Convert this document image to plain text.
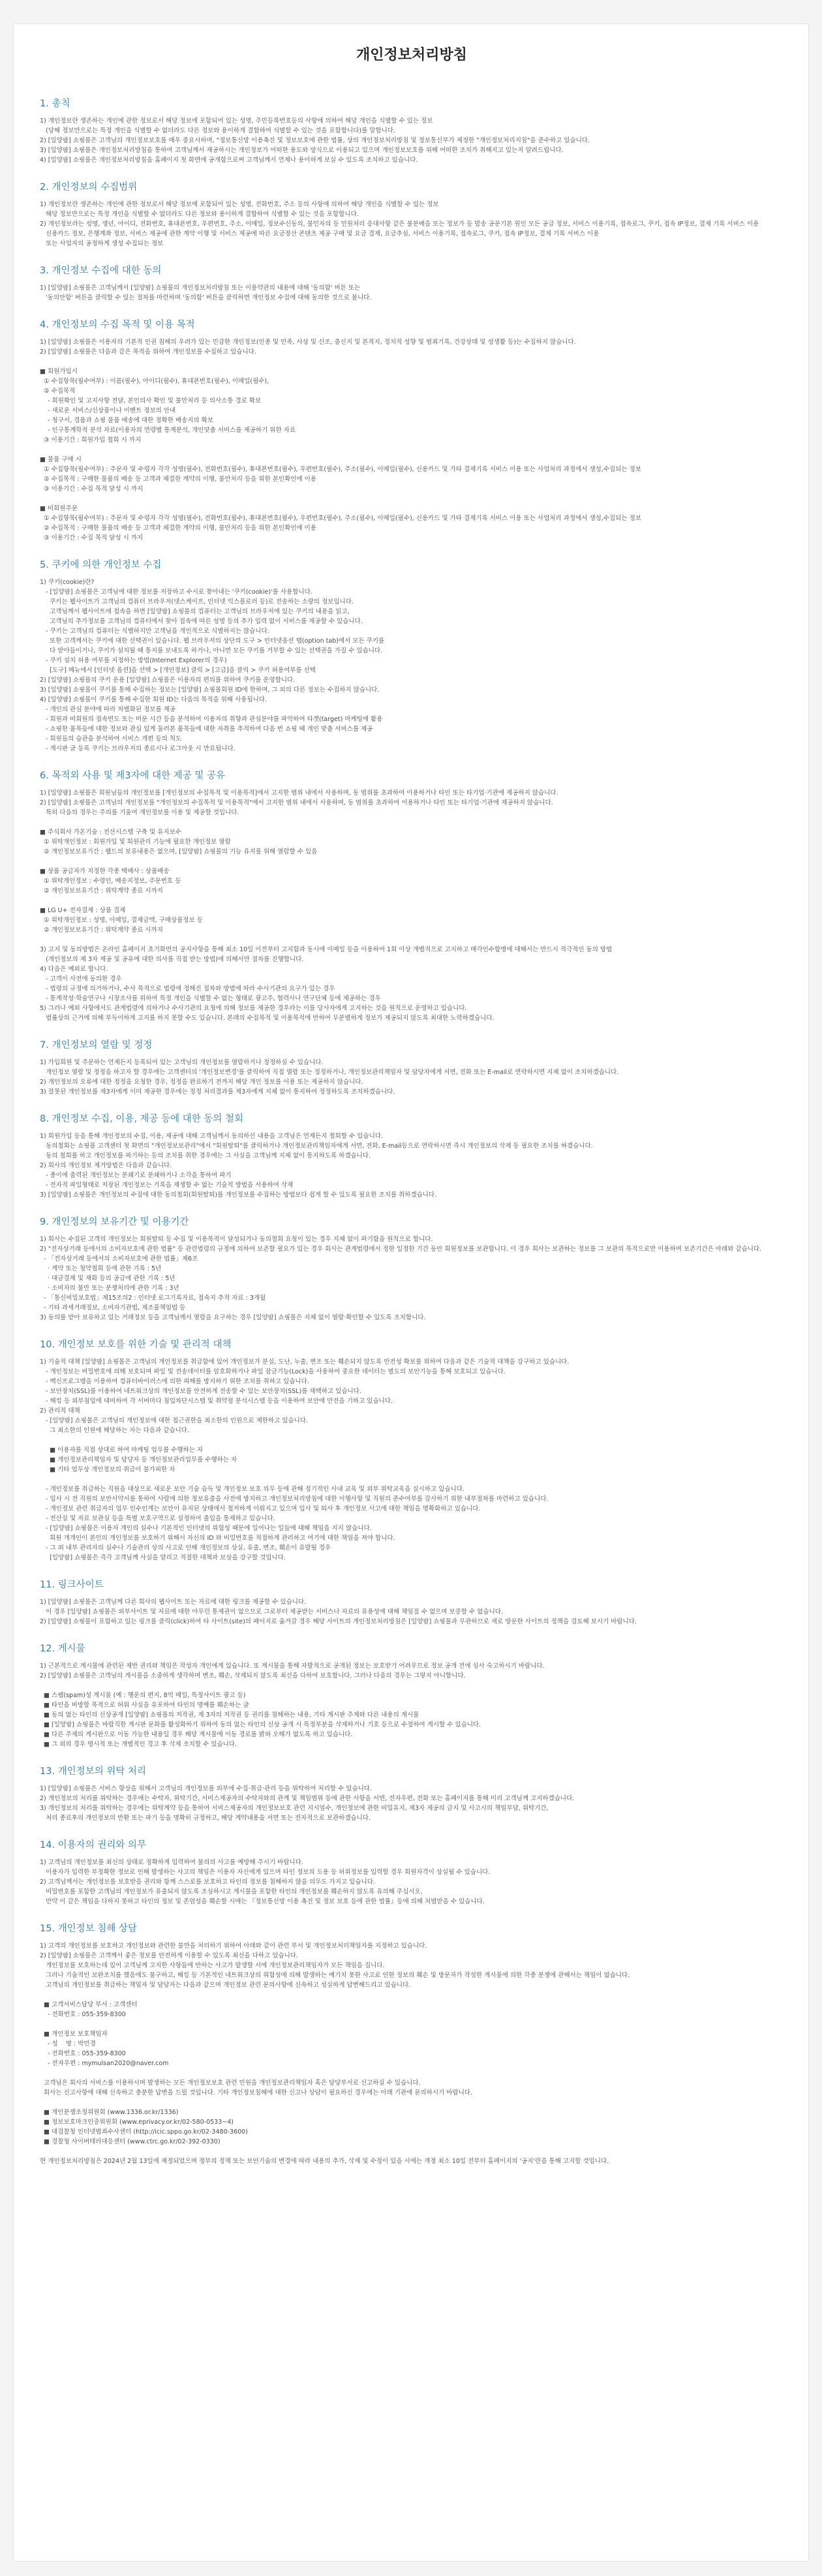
개인정보처리방침
1. 총칙

1) 개인정보란 생존하는 개인에 관한 정보로서 해당 정보에 포함되어 있는 성명, 주민등록번호등의 사항에 의하여 해당 개인을 식별할 수 있는 정보
(당해 정보만으로는 특정 개인을 식별할 수 없더라도 다른 정보와 용이하게 결합하여 식별할 수 있는 것을 포함합니다)를 말합니다.
2) [일양팜] 쇼핑몰은 고객님의 개인정보보호를 매우 중요시하며, "정보통신망 이용촉진 및 정보보호에 관한 법률, 상의 개인정보처리방침 및 정보통신부가 제정한 "개인정보처리지침"을 준수하고 있습니다.
3) [일양팜] 쇼핑몰은 개인정보처리방침을 통하여 고객님께서 제공하시는 개인정보가 어떠한 용도와 방식으로 이용되고 있으며 개인정보보호를 위해 어떠한 조치가 취해지고 있는지 알려드립니다.
4) [일양팜] 쇼핑몰은 개인정보처리방침을 홈페이지 첫 화면에 공개함으로써 고객님께서 언제나 용이하게 보실 수 있도록 조치하고 있습니다.

2. 개인정보의 수집범위

1) 개인정보란 생존하는 개인에 관한 정보로서 해당 정보에 포함되어 있는 성명, 전화번호, 주소 등의 사항에 의하여 해당 개인을 식별할 수 있는 정보
해당 정보만으로는 특정 개인을 식별할 수 없더라도 다른 정보와 용이하게 결합하여 식별할 수 있는 것을 포함합니다.
2) 개인정보라는 성명, 생년, 아이디, 전화번호, 휴대폰번호, 우편번호, 주소, 이메일, 정보수신동의, 불민자의 등 민원처리 응대사항 같은 불분배을 또는 정보가 등 발송 공문기본 원인 모든 공급 정보, 서비스 이용기록, 접속로그, 쿠키, 접속 IP정보, 결제 기록 서비스 이용
신용카드 정보, 은행계좌 정보, 서비스 제공에 관한 계약 이행 및 서비스 제공에 따른 요금정산 콘텐츠 제공 구매 및 요금 결제, 요금추심, 서비스 이용기록, 접속로그, 쿠키, 접속 IP정보, 결제 기록 서비스 이용
또는 사업자의 공정하게 생성 수집되는 정보

3. 개인정보 수집에 대한 동의

1) [일양팜] 쇼핑몰은 고객님께서 [일양팜] 쇼핑몰의 개인정보처리방침 또는 이용약관의 내용에 대해 '동의함' 버튼 또는
'동의안함' 버튼을 클릭할 수 있는 절차를 마련하며 '동의함' 버튼을 클릭하면 개인정보 수집에 대해 동의한 것으로 봅니다.

4. 개인정보의 수집 목적 및 이용 목적

1) [일양팜] 쇼핑몰은 이용자의 기본적 인권 침해의 우려가 있는 민감한 개인정보(인종 및 민족, 사상 및 신조, 출신지 및 본적지, 정치적 성향 및 범죄기록, 건강상태 및 성생활 등)는 수집하지 않습니다.
2) [일양팜] 쇼핑몰은 다음과 같은 목적을 위하여 개인정보를 수집하고 있습니다.

■ 회원가입시
① 수집항목(필수여부) : 이름(필수), 아이디(필수), 휴대폰번호(필수), 이메일(필수),
② 수집목적
- 회원확인 및 고지사항 전달, 본인의사 확인 및 불만처리 등 의사소통 경로 확보
- 새로운 서비스/신상품이나 이벤트 정보의 안내
- 청구서, 경품과 쇼핑 물품 배송에 대한 정확한 배송지의 확보
- 인구통계학적 분석 자료(이용자의 연령별 통계분석, 개인맞춤 서비스를 제공하기 위한 자료
③ 이용기간 : 회원가입 철회 시 까지

■ 물품 구매 시
① 수집항목(필수여부) : 주문자 및 수령자 각각 성명(필수), 전화번호(필수), 휴대폰번호(필수), 우편번호(필수), 주소(필수), 이메일(필수), 신용카드 및 가타 결제기록 서비스 이용 또는 사업처리 과정에서 생성,수집되는 정보
② 수집목적 : 구매한 물품의 배송 등 고객과 체결한 계약의 이행, 불만처리 등을 위한 본인확인에 이용
③ 이용기간 : 수집 목적 달성 시 까지

■ 비회원주문
① 수집항목(필수여부) : 주문자 및 수령자 각각 성명(필수), 전화번호(필수), 휴대폰번호(필수), 우편번호(필수), 주소(필수), 이메일(필수), 신용카드 및 가타 결제기록 서비스 이용 또는 사업처리 과정에서 생성,수집되는 정보
② 수집목적 : 구매한 물품의 배송 등 고객과 체결한 계약의 이행, 불만처리 등을 위한 본인확인에 이용
③ 이용기간 : 수집 목적 달성 시 까지

5. 쿠키에 의한 개인정보 수집

1) 쿠키(cookie)란?
- [일양팜] 쇼핑몰은 고객님에 대한 정보를 저장하고 수시로 찾아내는 '쿠키(cookie)'를 사용합니다.
쿠키는 웹사이트가 고객님의 컴퓨터 브라우저(넷스케이프, 인터넷 익스플로러 등)로 전송하는 소량의 정보입니다.
고객님께서 웹사이트에 접속을 하면 [일양팜] 쇼핑몰의 컴퓨터는 고객님의 브라우저에 있는 쿠키의 내용을 읽고,
고객님의 추가정보를 고객님의 컴퓨터에서 찾아 접속에 따른 성명 등의 추가 입력 없이 서비스를 제공할 수 있습니다.
- 쿠키는 고객님의 컴퓨터는 식별하지만 고객님을 개인적으로 식별하지는 않습니다.
또한 고객께서는 쿠키에 대한 선택권이 있습니다. 웹 브라우저의 상단의 도구 > 인터넷옵션 탭(option tab)에서 모든 쿠키를
다 받아들이거나, 쿠키가 설치될 때 통지를 보내도록 하거나, 아니면 모든 쿠키를 거부할 수 있는 선택권을 가질 수 있습니다.
- 쿠키 설치 허용 여부를 지정하는 방법(Internet Explorer의 경우)
[도구] 메뉴에서 [인터넷 옵션]을 선택 > [개인정보] 클릭 > [고급]을 클릭 > 쿠키 허용여부를 선택
2) [일양팜] 쇼핑몰의 쿠키 운용 [일양팜] 쇼핑몰은 이용자의 편의를 위하여 쿠키를 운영합니다.
3) [일양팜] 쇼핑몰이 쿠키를 통해 수집하는 정보는 [일양팜] 쇼핑몰회원 ID에 한하며, 그 외의 다른 정보는 수집하지 않습니다.
4) [일양팜] 쇼핑몰이 쿠키를 통해 수집한 회원 ID는 다음의 목적을 위해 사용됩니다.
- 개인의 관심 분야에 따라 차별화된 정보를 제공
- 회원과 비회원의 접속빈도 또는 머문 시간 등을 분석하여 이용자의 취향과 관심분야를 파악하여 타겟(target) 마케팅에 활용
- 쇼핑한 품목들에 대한 정보와 관심 있게 둘러본 품목들에 대한 자취를 추적하여 다음 번 쇼핑 때 개인 맞춤 서비스를 제공
- 회원들의 습관을 분석하여 서비스 개편 등의 척도
- 게시판 글 등록 쿠키는 브라우저의 종료시나 로그아웃 시 만료됩니다.

6. 목적외 사용 및 제3자에 대한 제공 및 공유

1) [일양팜] 쇼핑몰은 회원님들의 개인정보를 [개인정보의 수집목적 및 이용목적]에서 고지한 범위 내에서 사용하며, 동 범위를 초과하여 이용하거나 타인 또는 타기업·기관에 제공하지 않습니다.
2) [일양팜] 쇼핑몰은 고객님의 개인정보를 "개인정보의 수집목적 및 이용목적"에서 고지한 범위 내에서 사용하며, 동 범위를 초과하여 이용하거나 타인 또는 타기업·기관에 제공하지 않습니다.
특히 다음의 경우는 주의를 기울여 개인정보를 이용 및 제공할 것입니다.

■ 주식회사 가온기술 : 전산시스템 구축 및 유지보수
① 위탁개인정보 : 회원가입 및 회원관리 기능에 필요한 개인정보 열람
② 개인정보보유기간 : 웹드의 보유내용은 없으며, [일양팜] 쇼핑몰의 기능 유지를 위해 열람할 수 있음

■ 상품 공급자가 지정한 각종 택배사 : 상품배송
① 위탁개인정보 : 수령인, 배송지정보, 주문번호 등
② 개인정보보유기간 : 위탁계약 종료 시까지

■ LG U+ 전자결제 : 상품 결제
① 위탁개인정보 : 성명, 이메일, 결제금액, 구매상품정보 등
② 개인정보보유기간 : 위탁계약 종료 시까지

3) 고지 및 동의방법은 온라인 홈페이지 초기화면의 공지사항을 통해 최소 10일 이전부터 고지함과 동시에 이메일 등을 이용하여 1회 이상 개별적으로 고지하고 매각인수합병에 대해서는 반드시 적극적인 동의 방법
(개인정보의 제 3자 제공 및 공유에 대한 의사를 직접 받는 방법)에 의해서만 절차를 진행합니다.
4) 다음은 예외로 합니다.
- 고객이 사전에 동의한 경우
- 법령의 규정에 의거하거나, 수사 목적으로 법령에 정해진 절차와 방법에 따라 수사기관의 요구가 있는 경우
- 통계작성·학술연구나 시장조사를 위하여 특정 개인을 식별할 수 없는 형태로 광고주, 협력사나 연구단체 등에 제공하는 경우
5) 그러나 예외 사항에서도 관계법령에 의하거나 수사기관의 요청에 의해 정보를 제공한 경우라는 이를 당사자에게 고지하는 것을 원칙으로 운영하고 있습니다.
법률상의 근거에 의해 부득이하게 고지를 하지 못할 수도 있습니다. 본래의 수집목적 및 이용목적에 반하여 무분별하게 정보가 제공되지 않도록 최대한 노력하겠습니다.

7. 개인정보의 열람 및 정정

1) 가입회원 및 주문하는 언제든지 등록되어 있는 고객님의 개인정보를 열람하거나 정정하실 수 있습니다.
개인정보 열람 및 정정을 하고자 할 경우에는 고객센터의 '개인정보변경'를 클릭하여 직접 열람 또는 정정하거나, 개인정보관리책임자 및 담당자에게 서면, 전화 또는 E-mail로 연락하시면 지체 없이 조치하겠습니다.
2) 개인정보의 오류에 대한 정정을 요청한 경우, 정정을 완료하기 전까지 해당 개인 정보를 이용 또는 제공하지 않습니다.
3) 잘못된 개인정보를 제3자에게 이미 제공한 경우에는 정정 처리결과를 제3자에게 지체 없이 통지하여 정정하도록 조치하겠습니다.

8. 개인정보 수집, 이용, 제공 등에 대한 동의 철회

1) 회원가입 등을 통해 개인정보의 수집, 이용, 제공에 대해 고객님께서 동의하신 내용을 고객님은 언제든지 철회할 수 있습니다.
동의철회는 쇼핑몰 고객센터 첫 화면의 "개인정보보관리"에서 "회원탈퇴"를 클릭하거나 개인정보관리책임자에게 서면, 전화, E-mail등으로 연락하시면 즉시 개인정보의 삭제 등 필요한 조치를 하겠습니다.
동의 철회를 하고 개인정보를 파기하는 등의 조치를 취한 경우에는 그 사실을 고객님께 지체 없이 통지하도록 하겠습니다.
2) 회사의 개인정보 제거방법은 다음과 같습니다.
- 종이에 출력된 개인정보는 분쇄기로 분쇄하거나 소각을 통하여 파기
- 전자적 파일형태로 저장된 개인정보는 기록을 재생할 수 없는 기술적 방법을 사용하여 삭제
3) [일양팜] 쇼핑몰은 개인정보의 수집에 대한 동의철회(회원탈퇴)를 개인정보를 수집하는 방법보다 쉽게 할 수 있도록 필요한 조치를 취하겠습니다.

9. 개인정보의 보유기간 및 이용기간

1) 회사는 수집된 고객의 개인정보는 회원탈퇴 등 수집 및 이용목적이 달성되거나 동의철회 요청이 있는 경우 지체 없이 파기함을 원칙으로 합니다.
2) "전자상거래 등에서의 소비자보호에 관한 법률" 등 관련법령의 규정에 의하여 보존할 필요가 있는 경우 회사는 관계법령에서 정한 일정한 기간 동안 회원정보를 보관합니다. 이 경우 회사는 보관하는 정보를 그 보관의 목적으로만 이용하며 보존기간은 아래와 같습니다.
- 「전자상거래 등에서의 소비자보호에 관한 법률」제6조
· 계약 또는 청약철회 등에 관한 기록 : 5년
· 대금결제 및 재화 등의 공급에 관한 기록 : 5년
· 소비자의 불만 또는 분쟁처리에 관한 기록 : 3년
- 「통신비밀보호법」제15조의2 : 인터넷 로그기록자료, 접속지 추적 자료 : 3개월
- 기타 과세거래정보, 소비자기관법, 제조물책임법 등
3) 동의를 받아 보유하고 있는 거래정보 등을 고객님께서 열람을 요구하는 경우 [일양팜] 쇼핑몰은 지체 없이 열람·확인할 수 있도록 조치합니다.

10. 개인정보 보호를 위한 기술 및 관리적 대책

1) 기술적 대책 [일양팜] 쇼핑몰은 고객님의 개인정보를 취급함에 있어 개인정보가 분실, 도난, 누출, 변조 또는 훼손되지 않도록 안전성 확보를 위하여 다음과 같은 기술적 대책을 강구하고 있습니다.
- 개인정보는 비밀번호에 의해 보호되며 파일 및 전송데이터를 암호화하거나 파일 잠금기능(Lock)을 사용하여 중요한 데이터는 별도의 보안기능을 통해 보호되고 있습니다.
- 백신프로그램을 이용하여 컴퓨터바이러스에 의한 피해를 방지하기 위한 조치를 취하고 있습니다.
- 보안장치(SSL)를 이용하여 네트워크상의 개인정보를 안전하게 전송할 수 있는 보안장치(SSL)를 채택하고 있습니다.
- 해킹 등 외부침입에 대비하여 각 서버마다 침입차단시스템 및 취약점 분석시스템 등을 이용하여 보안에 만전을 기하고 있습니다.
2) 관리적 대책
- [일양팜] 쇼핑몰은 고객님의 개인정보에 대한 접근권한을 최소한의 인원으로 제한하고 있습니다.
그 최소한의 인원에 해당하는 자는 다음과 같습니다.

■ 이용자를 직접 상대로 하여 마케팅 업무를 수행하는 자
■ 개인정보관리책임자 및 담당자 등 개인정보관리업무를 수행하는 자
■ 기타 업무상 개인정보의 취급이 불가피한 자

- 개인정보를 취급하는 직원을 대상으로 새로운 보안 기술 습득 및 개인정보 보호 의무 등에 관해 정기적인 사내 교육 및 외부 위탁교육을 실시하고 있습니다.
- 입사 시 전 직원의 보안서약서를 통하여 사람에 의한 정보유출을 사전에 방지하고 개인정보처리방침에 대한 이행사항 및 직원의 준수여부를 감사하기 위한 내부절차를 마련하고 있습니다.
- 개인정보 관련 취급자의 업무 인수인계는 보안이 유지된 상태에서 철저하게 이뤄지고 있으며 입사 및 퇴사 후 개인정보 사고에 대한 책임을 명확화하고 있습니다.
- 전산실 및 자료 보관실 등을 특별 보호구역으로 설정하여 출입을 통제하고 있습니다.
- [일양팜] 쇼핑몰은 이용자 개인의 실수나 기본적인 인터넷의 위험성 때문에 일어나는 일들에 대해 책임을 지지 않습니다.
회원 개개인이 본인의 개인정보를 보호하기 위해서 자신의 ID 와 비밀번호를 적절하게 관리하고 여기에 대한 책임을 져야 합니다.
- 그 외 내부 관리자의 실수나 기술관리 상의 사고로 인해 개인정보의 상실, 유출, 변조, 훼손이 유발될 경우
[일양팜] 쇼핑몰은 즉각 고객님께 사실을 알리고 적절한 대책과 보상을 강구할 것입니다.

11. 링크사이트

1) [일양팜] 쇼핑몰은 고객님께 다른 회사의 웹사이트 또는 자료에 대한 링크를 제공할 수 있습니다.
이 경우 [일양팜] 쇼핑몰은 외부사이트 및 자료에 대한 아무런 통제권이 없으므로 그로부터 제공받는 서비스나 자료의 유용성에 대해 책임질 수 없으며 보증할 수 없습니다.
2) [일양팜] 쇼핑몰이 포함하고 있는 링크를 클릭(click)하여 타 사이트(site)의 페이지로 옮겨갈 경우 해당 사이트의 개인정보처리방침은 [일양팜] 쇼핑몰과 무관하므로 새로 방문한 사이트의 정책을 검토해 보시기 바랍니다.

12. 게시물

1) 근본적으로 게시물에 관련된 제반 권리와 책임은 작성자 개인에게 있습니다. 또 게시물을 통해 자발적으로 공개된 정보는 보호받기 어려우므로 정보 공개 전에 심사 숙고하시기 바랍니다.
2) [일양팜] 쇼핑몰은 고객님의 게시물을 소중하게 생각하며 변조, 훼손, 삭제되지 않도록 최선을 다하여 보호합니다. 그러나 다음의 경우는 그렇지 아니합니다.

■ 스팸(spam)성 게시물 (예 : 행운의 편지, 8억 메일, 특정사이트 광고 등)
■ 타인을 비방할 목적으로 허위 사실을 유포하여 타인의 명예를 훼손하는 글
■ 동의 없는 타인의 신상공개 [일양팜] 쇼핑몰의 저작권, 제 3자의 저작권 등 권리를 침해하는 내용, 기타 게시판 주제와 다른 내용의 게시물
■ [일양팜] 쇼핑몰은 바람직한 게시판 문화를 활성화하기 위하여 동의 없는 타인의 신상 공개 시 특정부분을 삭제하거나 기호 등으로 수정하여 게시할 수 있습니다.
■ 다른 주제의 게시판으로 이동 가능한 내용일 경우 해당 게시물에 이동 경로를 밝혀 오해가 없도록 하고 있습니다.
■ 그 외의 경우 명시적 또는 개별적인 경고 후 삭제 조치할 수 있습니다.

13. 개인정보의 위탁 처리

1) [일양팜] 쇼핑몰은 서비스 향상을 위해서 고객님의 개인정보를 외부에 수집·취급·관리 등을 위탁하여 처리할 수 있습니다.
2) 개인정보의 처리를 위탁하는 경우에는 수탁자, 위탁기간, 서비스제공자의 수탁자와의 관계 및 책임범위 등에 관한 사항을 서면, 전자우편, 전화 또는 홈페이지를 통해 미리 고객님께 고지하겠습니다.
3) 개인정보의 처리를 위탁하는 경우에는 위탁계약 등을 통하여 서비스제공자의 개인정보보호 관련 지시엄수, 개인정보에 관한 비밀유지, 제3자 제공의 금지 및 사고시의 책임부담, 위탁기간,
처리 종료후의 개인정보의 반환 또는 파기 등을 명확히 규정하고, 해당 계약내용을 서면 또는 전자적으로 보관하겠습니다.

14. 이용자의 권리와 의무

1) 고객님의 개인정보를 최신의 상태로 정확하게 입력하여 불의의 사고를 예방해 주시기 바랍니다.
이용자가 입력한 부정확한 정보로 인해 발생하는 사고의 책임은 이용자 자신에게 있으며 타인 정보의 도용 등 허위정보를 입력할 경우 회원자격이 상실될 수 있습니다.
2) 고객님께서는 개인정보를 보호받을 권리와 함께 스스로를 보호하고 타인의 정보를 침해하지 않을 의무도 가지고 있습니다.
비밀번호를 포함한 고객님의 개인정보가 유출되지 않도록 조심하시고 게시물을 포함한 타인의 개인정보를 훼손하지 않도록 유의해 주십시오.
만약 이 같은 책임을 다하지 못하고 타인의 정보 및 존엄성을 훼손할 시에는 『정보통신망 이용 촉진 및 정보 보호 등에 관한 법률』등에 의해 처벌받을 수 있습니다.

15. 개인정보 침해 상담

1) 고객의 개인정보를 보호하고 개인정보와 관련한 불만을 처리하기 위하여 아래와 같이 관련 부서 및 개인정보처리책임자를 지정하고 있습니다.
2) [일양팜] 쇼핑몰은 고객께서 좋은 정보를 안전하게 이용할 수 있도록 최선을 다하고 있습니다.
개인정보를 보호하는데 있어 고객님께 고지한 사항들에 반하는 사고가 발생할 시에 개인정보관리책임자가 모든 책임을 집니다.
그러나 기술적인 보완조치를 했음에도 불구하고, 해킹 등 기본적인 네트워크상의 위험성에 의해 발생하는 예기치 못한 사고로 인한 정보의 훼손 및 방문자가 작성한 게시물에 의한 각종 분쟁에 관해서는 책임이 없습니다.
고객님의 개인정보를 취급하는 책임자 및 담당자는 다음과 같으며 개인정보 관련 문의사항에 신속하고 성실하게 답변해드리고 있습니다.

■ 고객서비스담당 부서 : 고객센터
- 전화번호 : 055-359-8300

■ 개인정보 보호책임자
- 성    명 : 박민경
- 전화번호 : 055-359-8300
- 전자우편 : mymulsan2020@naver.com

고객님은 회사의 서비스를 이용하시며 발생하는 모든 개인정보보호 관련 민원을 개인정보관리책임자 혹은 담당부서로 신고하실 수 있습니다.
회사는 신고사항에 대해 신속하고 충분한 답변을 드릴 것입니다. 기타 개인정보침해에 대한 신고나 상담이 필요하신 경우에는 아래 기관에 문의하시기 바랍니다.

■ 개인분쟁조정위원회 (www.1336.or.kr/1336)
■ 정보보호마크인증위원회 (www.eprivacy.or.kr/02-580-0533~4)
■ 대검찰청 인터넷범죄수사센터 (http://icic.sppo.go.kr/02-3480-3600)
■ 경찰청 사이버테러대응센터 (www.ctrc.go.kr/02-392-0330)

현 개인정보처리방침은 2024년 2월 13일에 제정되었으며 정부의 정책 또는 보안기술의 변경에 따라 내용의 추가, 삭제 및 수정이 있을 시에는 개정 최소 10일 전부터 홈페이지의 '공지'란을 통해 고지할 것입니다.
